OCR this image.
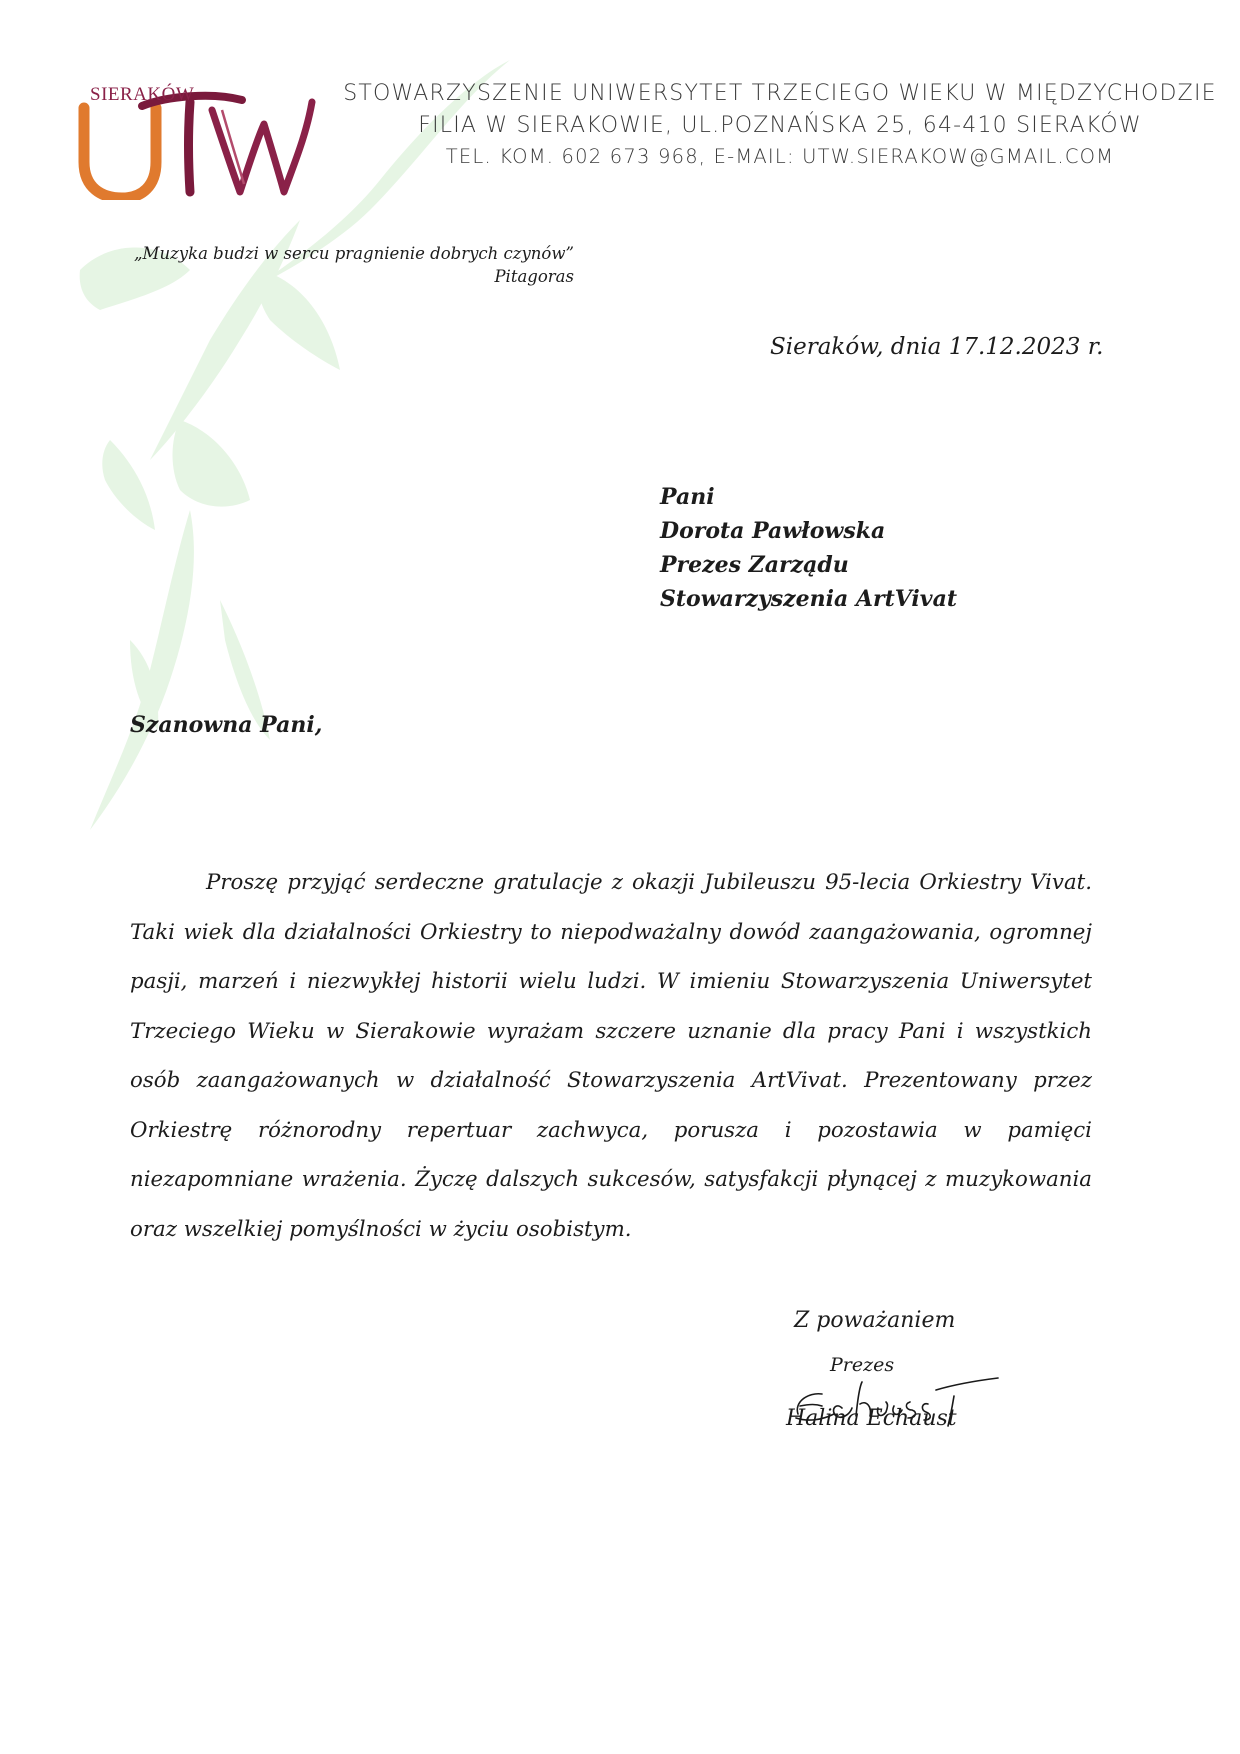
SIERAKÓW	STOWARZYSZENIE UNIWERSYTET TRZECIEGO WIEKU W MIĘDZYCHODZIE
FILIA W SIERAKOWIE, UL.POZNAŃSKA 25, 64-410 SIERAKÓW
TEL. KOM. 602 673 968, E-MAIL: UTW.SIERAKOW@GMAIL.COM
„Muzyka budzi w sercu pragnienie dobrych czynów”
Pitagoras
Sieraków, dnia 17.12.2023 r.
Pani
Dorota Pawłowska
Prezes Zarządu
Stowarzyszenia ArtVivat
Szanowna Pani,

Proszę przyjąć serdeczne gratulacje z okazji Jubileuszu 95-lecia Orkiestry Vivat. Taki wiek dla działalności Orkiestry to niepodważalny dowód zaangażowania, ogromnej pasji, marzeń i niezwykłej historii wielu ludzi. W imieniu Stowarzyszenia Uniwersytet Trzeciego Wieku w Sierakowie wyrażam szczere uznanie dla pracy Pani i wszystkich osób zaangażowanych w działalność Stowarzyszenia ArtVivat. Prezentowany przez Orkiestrę różnorodny repertuar zachwyca, porusza i pozostawia w pamięci niezapomniane wrażenia. Życzę dalszych sukcesów, satysfakcji płynącej z muzykowania oraz wszelkiej pomyślności w życiu osobistym.

Z poważaniem
Prezes
Halina Echaust
